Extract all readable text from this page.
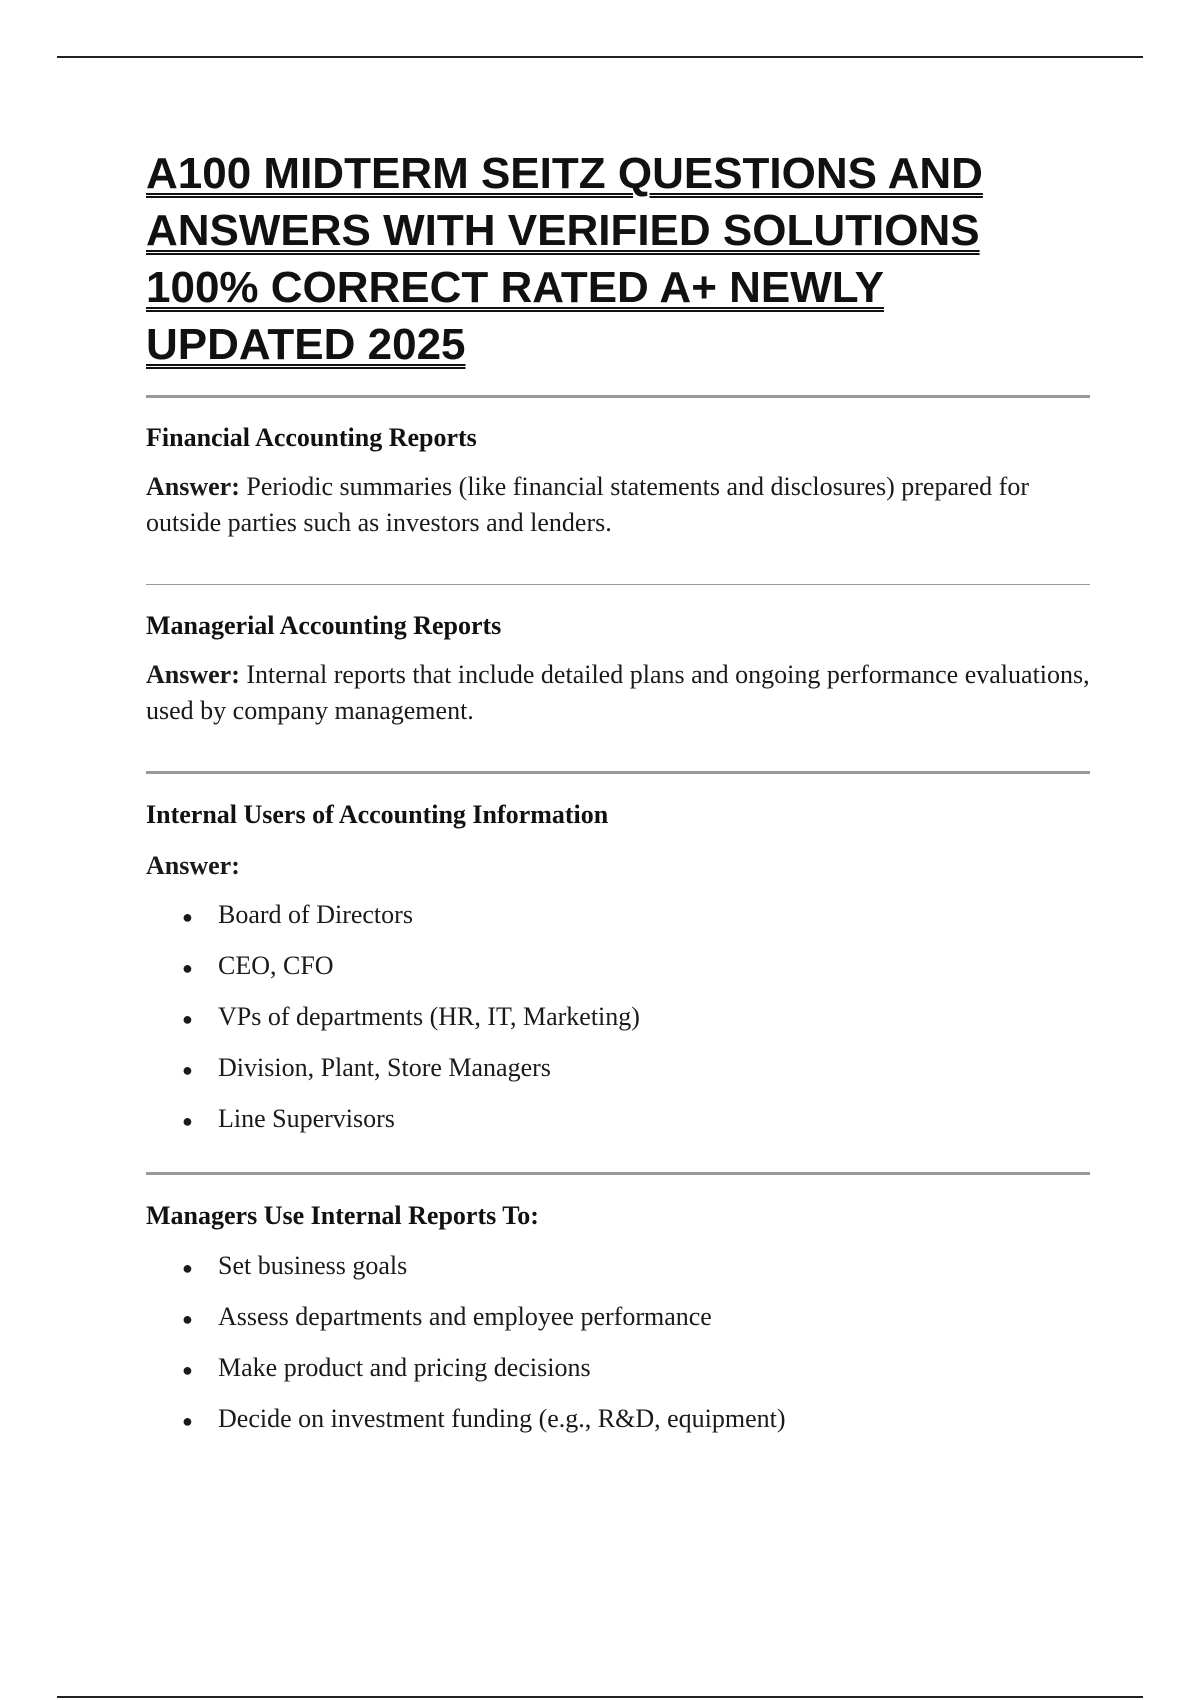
A100 MIDTERM SEITZ QUESTIONS AND ANSWERS WITH VERIFIED SOLUTIONS 100% CORRECT RATED A+ NEWLY UPDATED 2025
Financial Accounting Reports

Answer: Periodic summaries (like financial statements and disclosures) prepared for outside parties such as investors and lenders.

Managerial Accounting Reports

Answer: Internal reports that include detailed plans and ongoing performance evaluations, used by company management.

Internal Users of Accounting Information

Answer:

● Board of Directors
● CEO, CFO
● VPs of departments (HR, IT, Marketing)
● Division, Plant, Store Managers
● Line Supervisors
Managers Use Internal Reports To:
● Set business goals
● Assess departments and employee performance
● Make product and pricing decisions
● Decide on investment funding (e.g., R&D, equipment)
